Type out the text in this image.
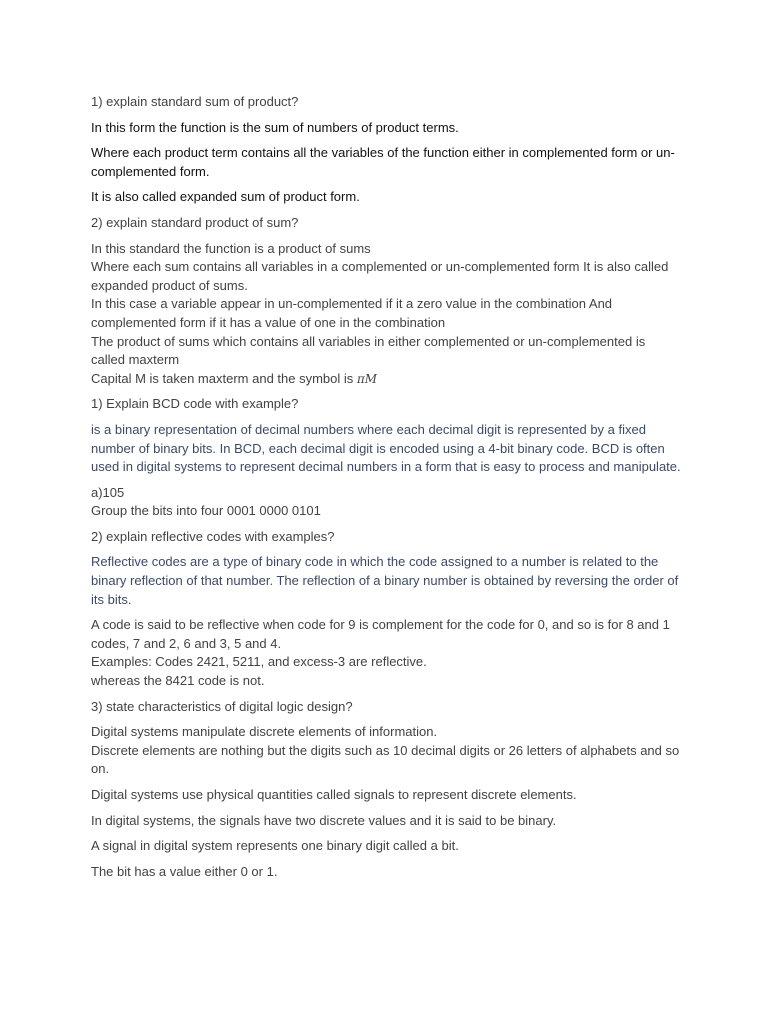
1) explain standard sum of product?

In this form the function is the sum of numbers of product terms.

Where each product term contains all the variables of the function either in complemented form or un-complemented form.

It is also called expanded sum of product form.

2) explain standard product of sum?

In this standard the function is a product of sums
Where each sum contains all variables in a complemented or un-complemented form It is also called expanded product of sums.
In this case a variable appear in un-complemented if it a zero value in the combination And complemented form if it has a value of one in the combination
The product of sums which contains all variables in either complemented or un-complemented is called maxterm
Capital M is taken maxterm and the symbol is πM

1) Explain BCD code with example?

is a binary representation of decimal numbers where each decimal digit is represented by a fixed number of binary bits. In BCD, each decimal digit is encoded using a 4-bit binary code. BCD is often used in digital systems to represent decimal numbers in a form that is easy to process and manipulate.

a)105
Group the bits into four 0001 0000 0101

2) explain reflective codes with examples?

Reflective codes are a type of binary code in which the code assigned to a number is related to the binary reflection of that number. The reflection of a binary number is obtained by reversing the order of its bits.

A code is said to be reflective when code for 9 is complement for the code for 0, and so is for 8 and 1 codes, 7 and 2, 6 and 3, 5 and 4.
Examples: Codes 2421, 5211, and excess-3 are reflective.
whereas the 8421 code is not.

3) state characteristics of digital logic design?

Digital systems manipulate discrete elements of information.
Discrete elements are nothing but the digits such as 10 decimal digits or 26 letters of alphabets and so on.

Digital systems use physical quantities called signals to represent discrete elements.

In digital systems, the signals have two discrete values and it is said to be binary.

A signal in digital system represents one binary digit called a bit.

The bit has a value either 0 or 1.
